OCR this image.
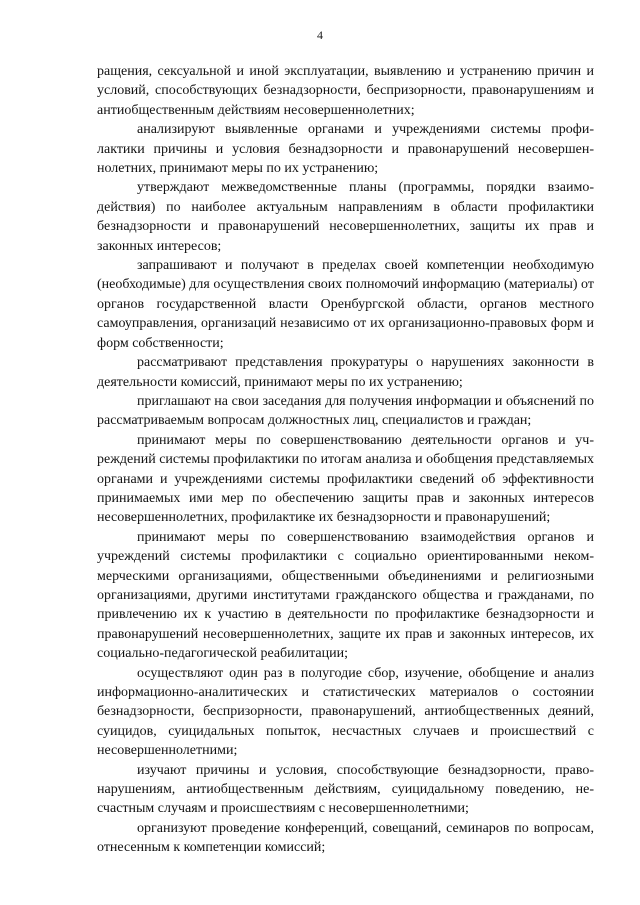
4

ращения, сексуальной и иной эксплуатации, выявлению и устранению причин и условий, способствующих безнадзорности, беспризорности, правонарушениям и антиобщественным действиям несовершеннолетних;

анализируют выявленные органами и учреждениями системы профилактики причины и условия безнадзорности и правонарушений несовершеннолетних, принимают меры по их устранению;

утверждают межведомственные планы (программы, порядки взаимодействия) по наиболее актуальным направлениям в области профилактики безнадзорности и правонарушений несовершеннолетних, защиты их прав и законных интересов;

запрашивают и получают в пределах своей компетенции необходимую (необходимые) для осуществления своих полномочий информацию (материалы) от органов государственной власти Оренбургской области, органов местного самоуправления, организаций независимо от их организационно-правовых форм и форм собственности;

рассматривают представления прокуратуры о нарушениях законности в деятельности комиссий, принимают меры по их устранению;

приглашают на свои заседания для получения информации и объяснений по рассматриваемым вопросам должностных лиц, специалистов и граждан;

принимают меры по совершенствованию деятельности органов и учреждений системы профилактики по итогам анализа и обобщения представляемых органами и учреждениями системы профилактики сведений об эффективности принимаемых ими мер по обеспечению защиты прав и законных интересов несовершеннолетних, профилактике их безнадзорности и правонарушений;

принимают меры по совершенствованию взаимодействия органов и учреждений системы профилактики с социально ориентированными некоммерческими организациями, общественными объединениями и религиозными организациями, другими институтами гражданского общества и гражданами, по привлечению их к участию в деятельности по профилактике безнадзорности и правонарушений несовершеннолетних, защите их прав и законных интересов, их социально-педагогической реабилитации;

осуществляют один раз в полугодие сбор, изучение, обобщение и анализ информационно-аналитических и статистических материалов о состоянии безнадзорности, беспризорности, правонарушений, антиобщественных деяний, суицидов, суицидальных попыток, несчастных случаев и происшествий с несовершеннолетними;

изучают причины и условия, способствующие безнадзорности, правонарушениям, антиобщественным действиям, суицидальному поведению, несчастным случаям и происшествиям с несовершеннолетними;

организуют проведение конференций, совещаний, семинаров по вопросам, отнесенным к компетенции комиссий;
